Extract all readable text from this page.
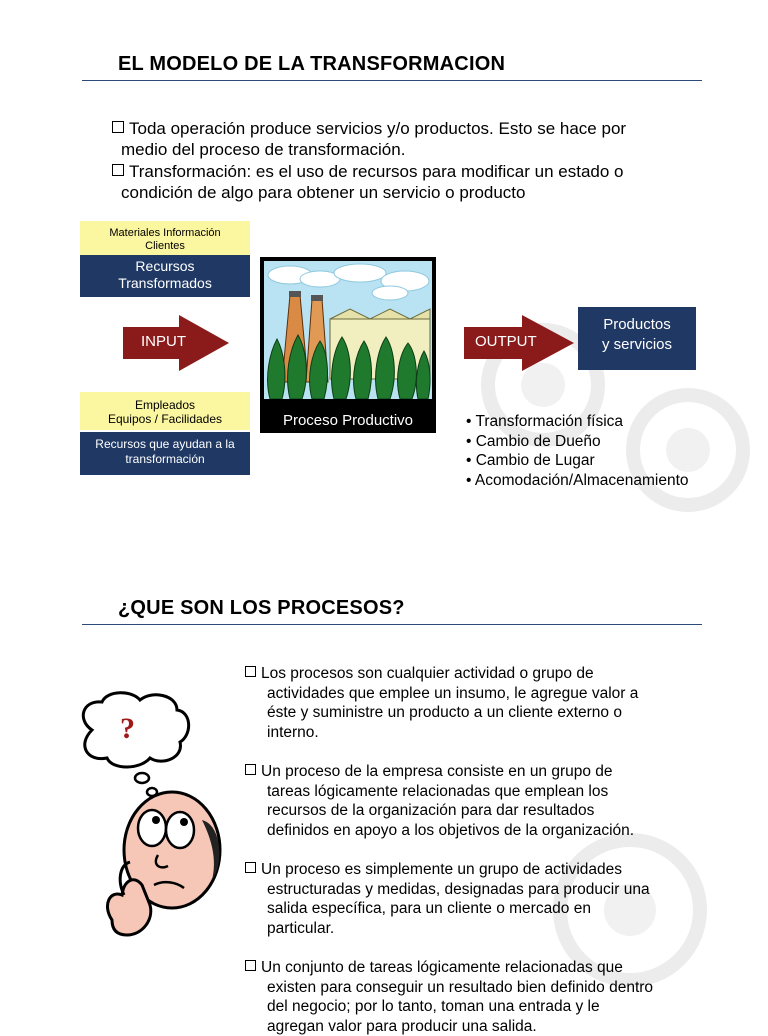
EL MODELO DE LA TRANSFORMACION
Toda operación produce servicios y/o productos. Esto se hace por
medio del proceso de transformación.
Transformación: es el uso de recursos para modificar un estado o
condición de algo para obtener un servicio o producto
Materiales Información
Clientes
Recursos
Transformados
INPUT
Empleados
Equipos / Facilidades
Recursos que ayudan a la
transformación
Proceso Productivo
OUTPUT
Productos
y servicios
• Transformación física
• Cambio de Dueño
• Cambio de Lugar
• Acomodación/Almacenamiento
¿QUE SON LOS PROCESOS?
?
Los procesos son cualquier actividad o grupo de
actividades que emplee un insumo, le agregue valor a
éste y suministre un producto a un cliente externo o
interno.
Un proceso de la empresa consiste en un grupo de
tareas lógicamente relacionadas que emplean los
recursos de la organización para dar resultados
definidos en apoyo a los objetivos de la organización.
Un proceso es simplemente un grupo de actividades
estructuradas y medidas, designadas para producir una
salida específica, para un cliente o mercado en
particular.
Un conjunto de tareas lógicamente relacionadas que
existen para conseguir un resultado bien definido dentro
del negocio; por lo tanto, toman una entrada y le
agregan valor para producir una salida.
